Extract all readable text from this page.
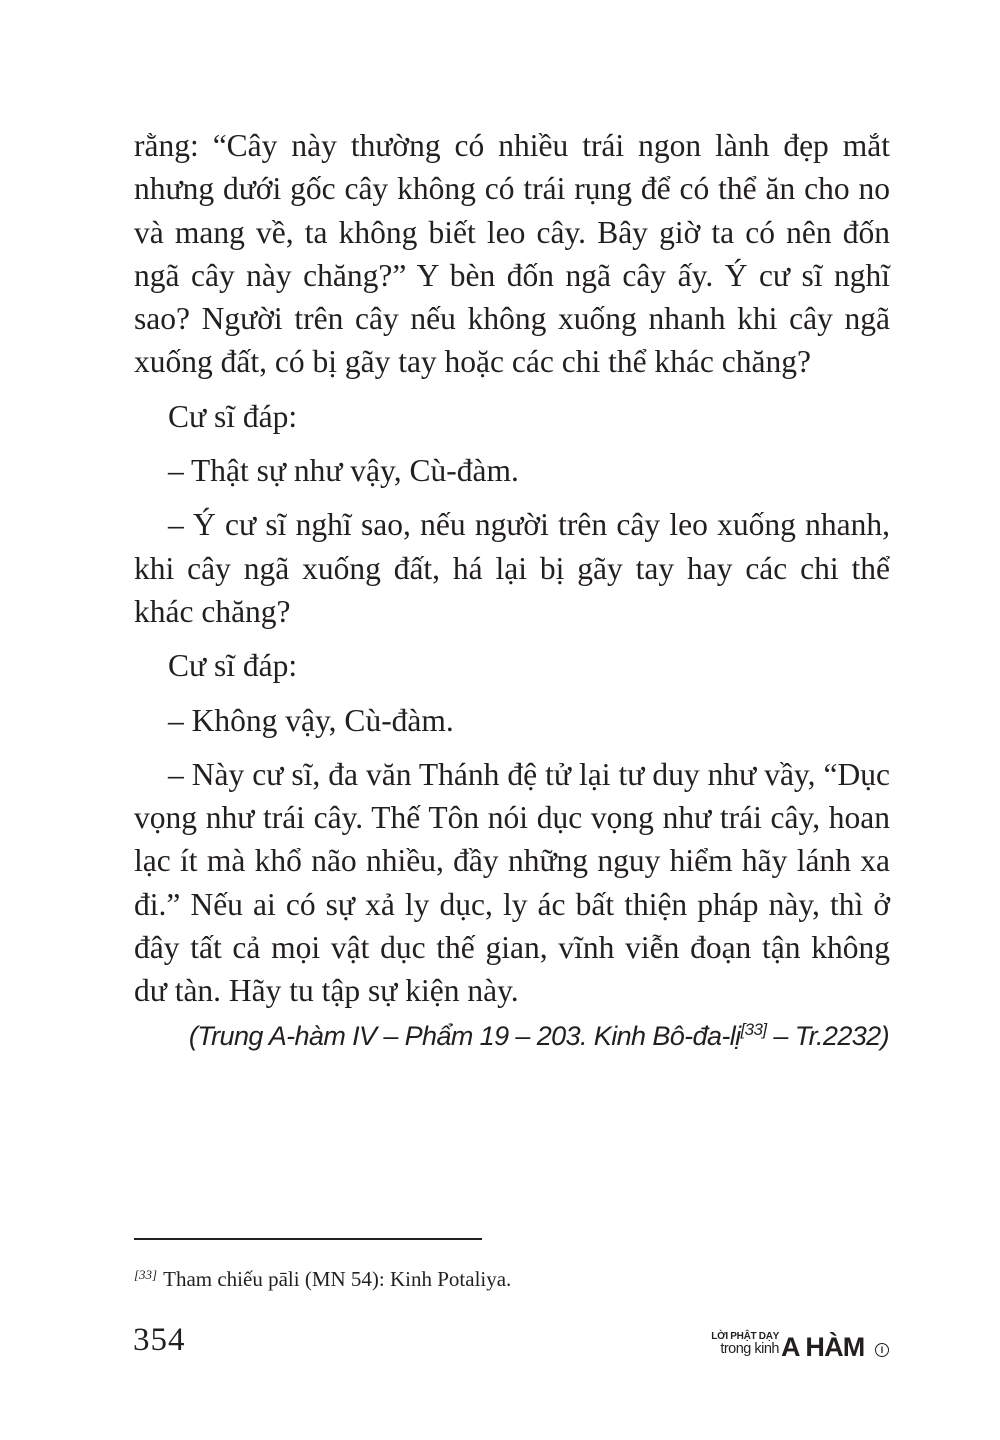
rằng: “Cây này thường có nhiều trái ngon lành đẹp mắt nhưng dưới gốc cây không có trái rụng để có thể ăn cho no và mang về, ta không biết leo cây. Bây giờ ta có nên đốn ngã cây này chăng?” Y bèn đốn ngã cây ấy. Ý cư sĩ nghĩ sao? Người trên cây nếu không xuống nhanh khi cây ngã xuống đất, có bị gãy tay hoặc các chi thể khác chăng?

Cư sĩ đáp:

– Thật sự như vậy, Cù-đàm.

– Ý cư sĩ nghĩ sao, nếu người trên cây leo xuống nhanh, khi cây ngã xuống đất, há lại bị gãy tay hay các chi thể khác chăng?

Cư sĩ đáp:

– Không vậy, Cù-đàm.

– Này cư sĩ, đa văn Thánh đệ tử lại tư duy như vầy, “Dục vọng như trái cây. Thế Tôn nói dục vọng như trái cây, hoan lạc ít mà khổ não nhiều, đầy những nguy hiểm hãy lánh xa đi.” Nếu ai có sự xả ly dục, ly ác bất thiện pháp này, thì ở đây tất cả mọi vật dục thế gian, vĩnh viễn đoạn tận không dư tàn. Hãy tu tập sự kiện này.

(Trung A-hàm IV – Phẩm 19 – 203. Kinh Bô-đa-lị[33] – Tr.2232)
[33] Tham chiếu pāli (MN 54): Kinh Potaliya.
354	LỜI PHẬT DẠY
trong kinh A HÀM	I
